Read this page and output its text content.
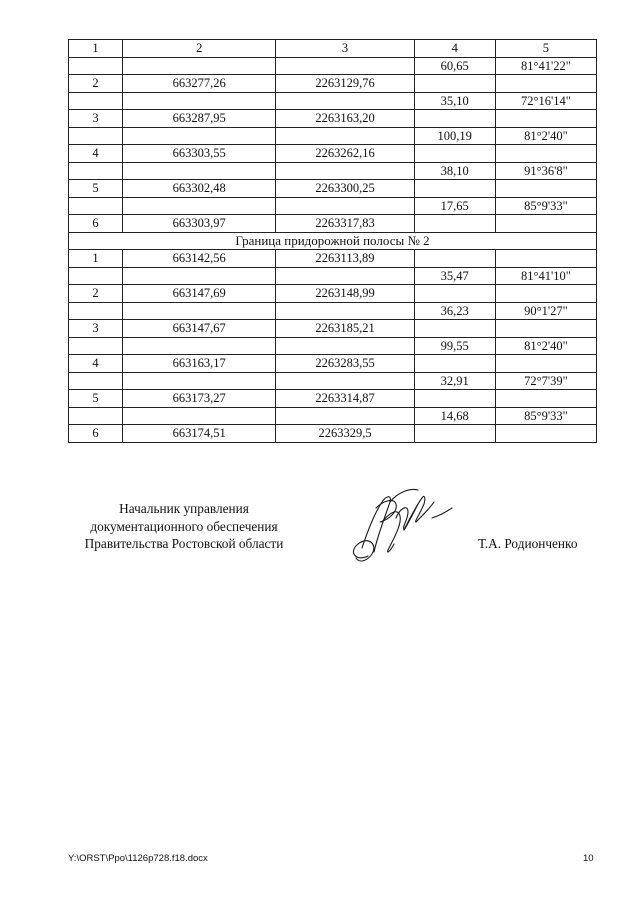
1	2	3	4	5
			60,65	81°41'22"
2	663277,26	2263129,76		
			35,10	72°16'14"
3	663287,95	2263163,20		
			100,19	81°2'40"
4	663303,55	2263262,16		
			38,10	91°36'8"
5	663302,48	2263300,25		
			17,65	85°9'33"
6	663303,97	2263317,83		
Граница придорожной полосы № 2				
1	663142,56	2263113,89		
			35,47	81°41'10"
2	663147,69	2263148,99		
			36,23	90°1'27"
3	663147,67	2263185,21		
			99,55	81°2'40"
4	663163,17	2263283,55		
			32,91	72°7'39"
5	663173,27	2263314,87		
			14,68	85°9'33"
6	663174,51	2263329,5		
Начальник управления
документационного обеспечения
Правительства Ростовской области	Т.А. Родионченко
Y:\ORST\Ppo\1126p728.f18.docx	10
